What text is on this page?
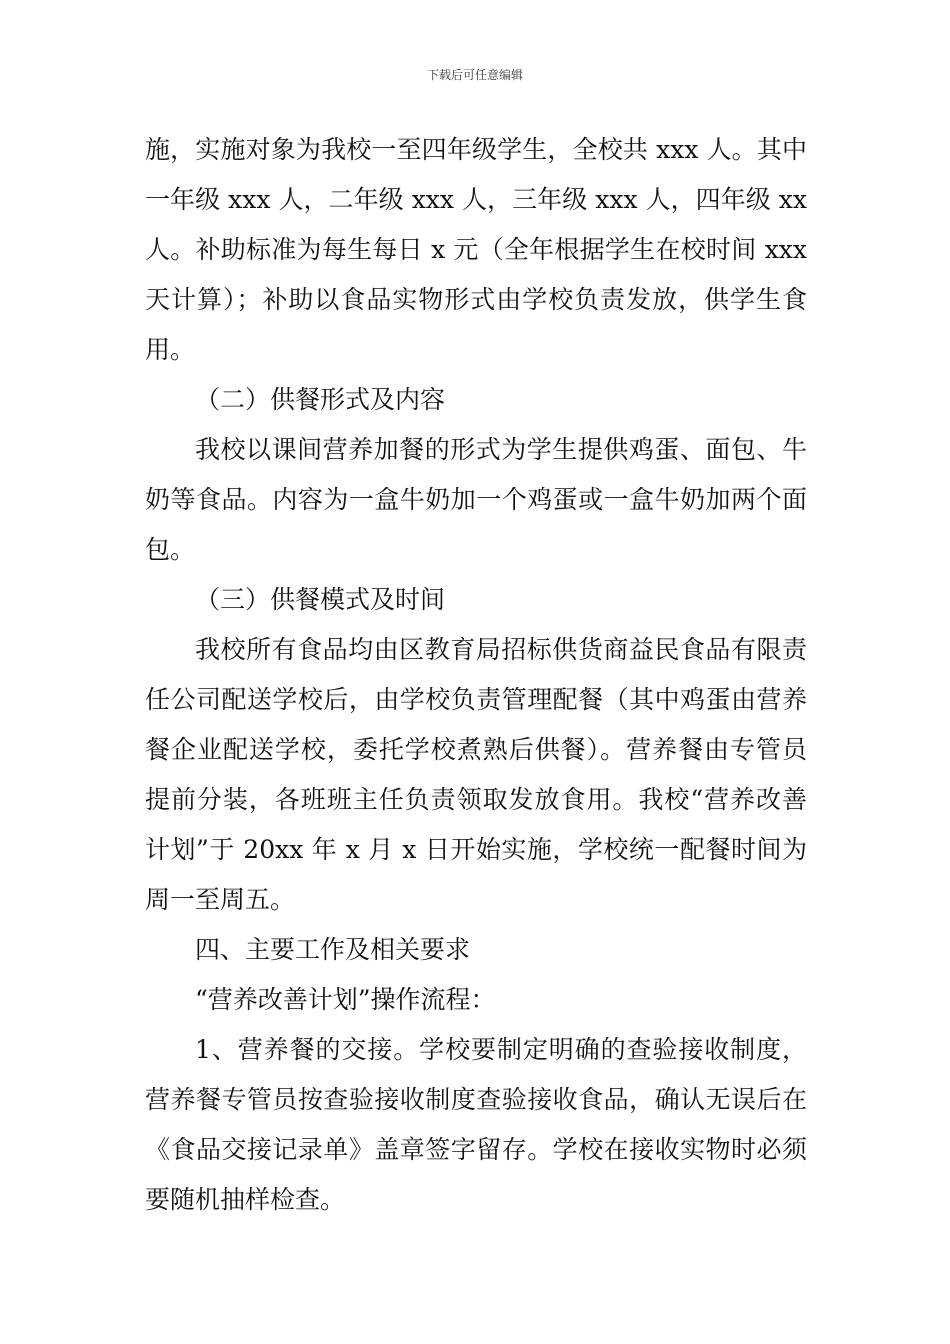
下载后可任意编辑

施，实施对象为我校一至四年级学生，全校共 xxx 人。其中一年级 xxx 人，二年级 xxx 人，三年级 xxx 人，四年级 xx 人。补助标准为每生每日 x 元（全年根据学生在校时间 xxx 天计算）；补助以食品实物形式由学校负责发放，供学生食用。

（二）供餐形式及内容

我校以课间营养加餐的形式为学生提供鸡蛋、面包、牛奶等食品。内容为一盒牛奶加一个鸡蛋或一盒牛奶加两个面包。

（三）供餐模式及时间

我校所有食品均由区教育局招标供货商益民食品有限责任公司配送学校后，由学校负责管理配餐（其中鸡蛋由营养餐企业配送学校，委托学校煮熟后供餐）。营养餐由专管员提前分装，各班班主任负责领取发放食用。我校“营养改善计划”于 20xx 年 x 月 x 日开始实施，学校统一配餐时间为周一至周五。

四、主要工作及相关要求

“营养改善计划”操作流程：

1、营养餐的交接。学校要制定明确的查验接收制度，营养餐专管员按查验接收制度查验接收食品，确认无误后在《食品交接记录单》盖章签字留存。学校在接收实物时必须要随机抽样检查。
